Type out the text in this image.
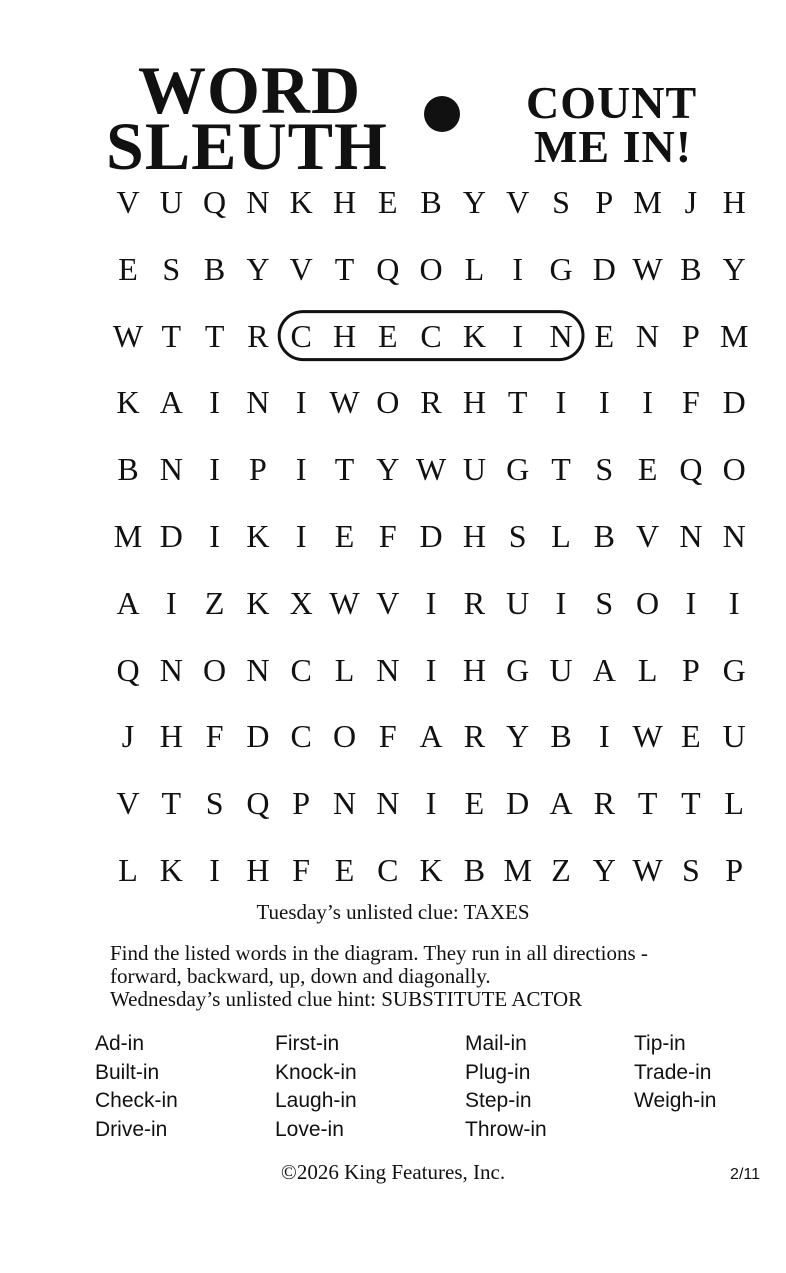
WORD
SLEUTH
COUNT
ME IN!
V U Q N K H E B Y V S P M J H
E S B Y V T Q O L I G D W B Y
W T T R C H E C K I N E N P M
K A I N I W O R H T I	I	I F D
B N I P I T Y W U G T S E Q O
M D I K I E F D H S L B V N N
A I Z K X W V I R U I S O I	I
Q N O N C L N I H G U A L P G
J H F D C O F A R Y B I W E U
V T S Q P N N I E D A R T T L
L K I H F E C K B M Z Y W S P
Tuesday’s unlisted clue: TAXES
Find the listed words in the diagram. They run in all directions -
forward, backward, up, down and diagonally.
Wednesday’s unlisted clue hint: SUBSTITUTE ACTOR
Ad-in
Built-in
Check-in
Drive-in
First-in
Knock-in
Laugh-in
Love-in
Mail-in
Plug-in
Step-in
Throw-in
Tip-in
Trade-in
Weigh-in
©2026 King Features, Inc.	2/11
